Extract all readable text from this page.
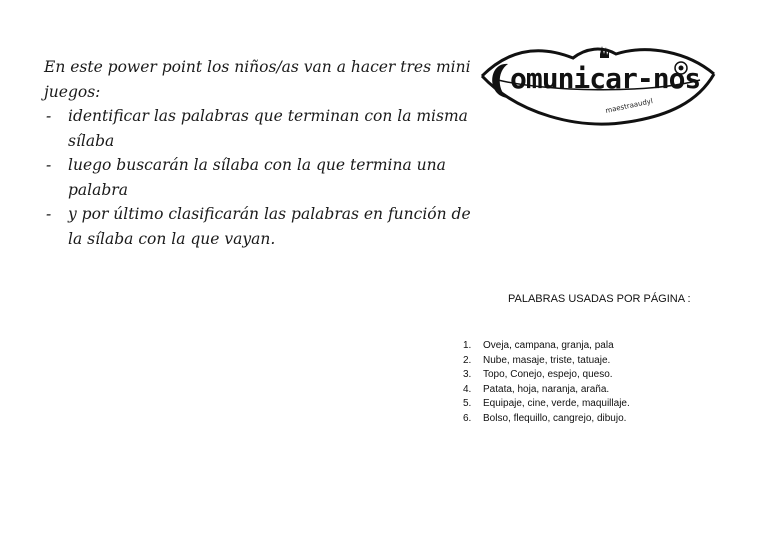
En este power point los niños/as van a hacer tres mini juegos:

- identificar las palabras que terminan con la misma sílaba
- luego buscarán la sílaba con la que termina una palabra
- y por último clasificarán las palabras en función de la sílaba con la que vayan.
omunicar-nos
maestraaudyl
PALABRAS USADAS POR PÁGINA :
1.	Oveja, campana, granja, pala
2.	Nube, masaje, triste, tatuaje.
3.	Topo, Conejo, espejo, queso.
4.	Patata, hoja, naranja, araña.
5.	Equipaje, cine, verde, maquillaje.
6.	Bolso, flequillo, cangrejo, dibujo.
